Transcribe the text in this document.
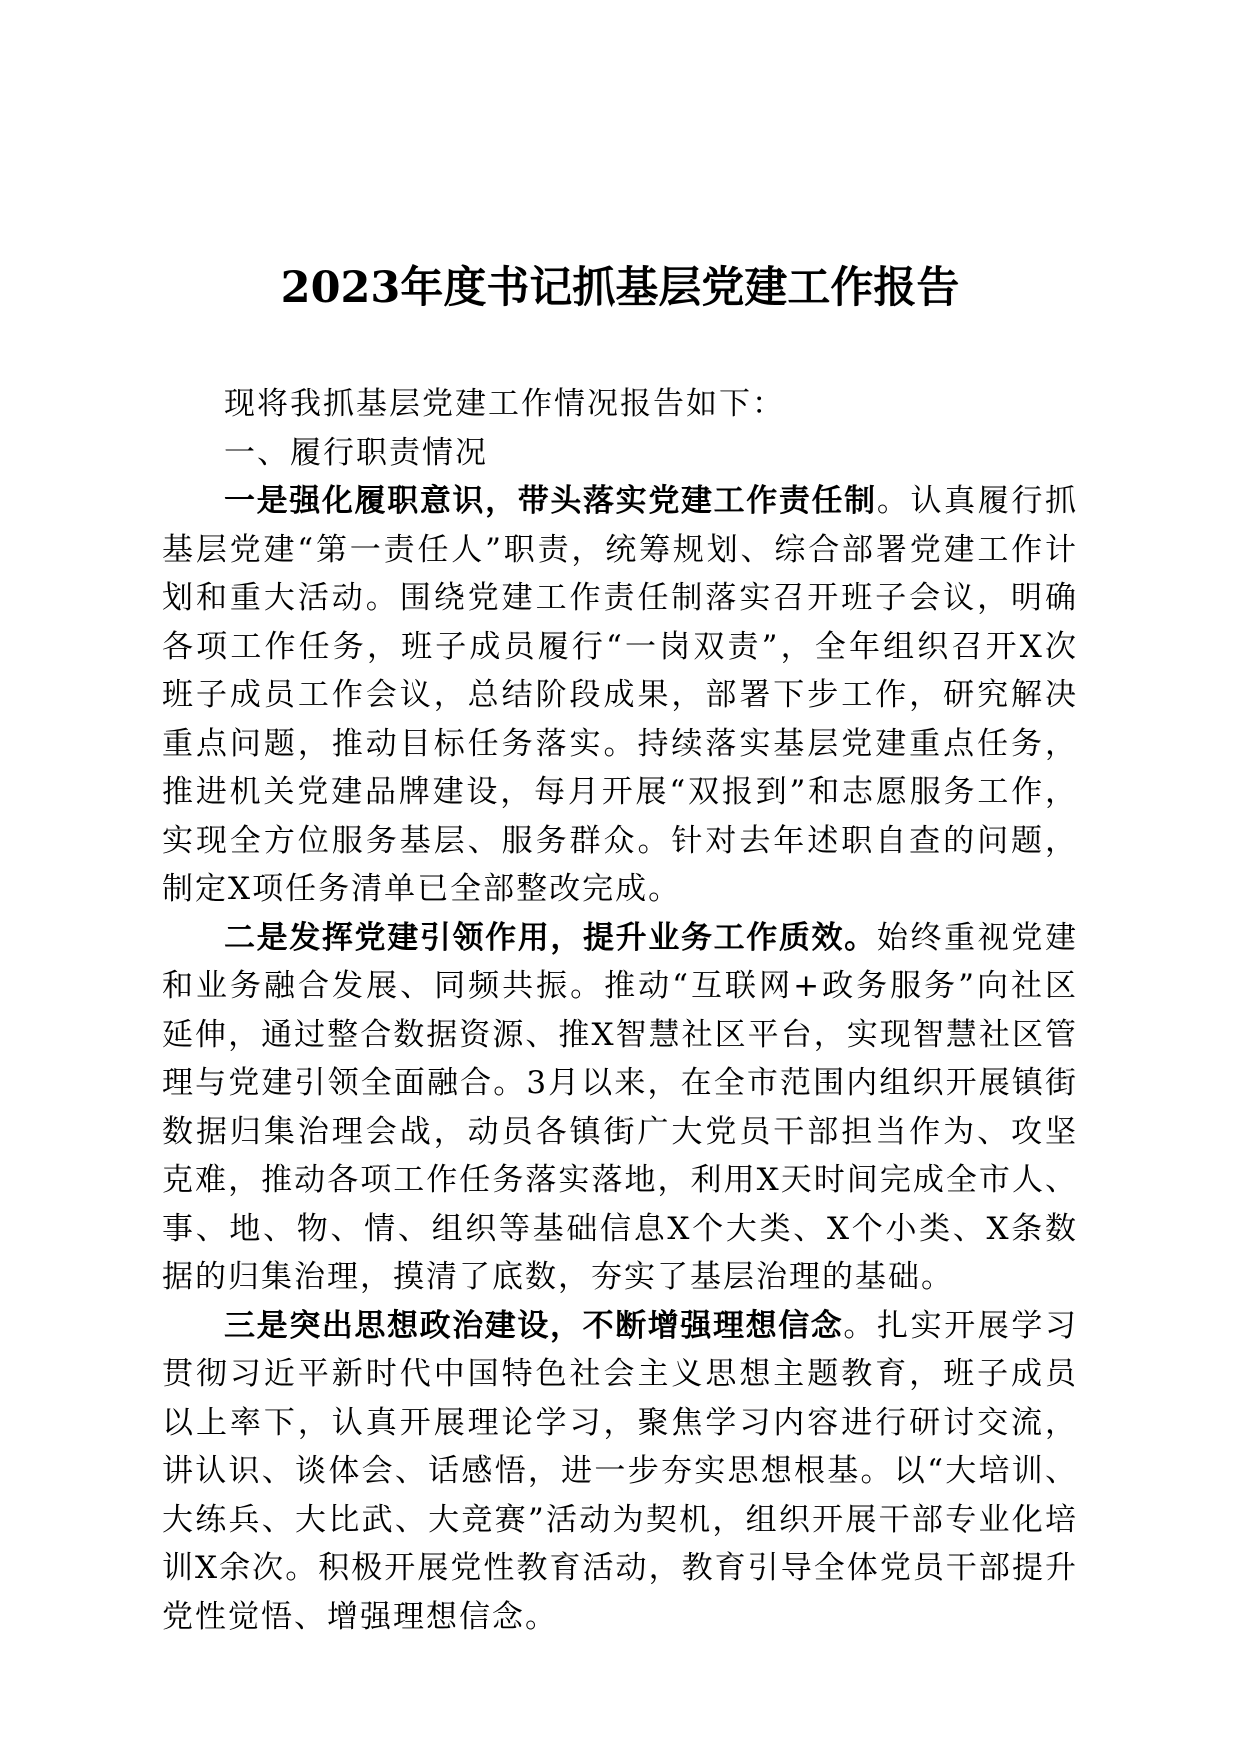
2023年度书记抓基层党建工作报告

现将我抓基层党建工作情况报告如下：

一、履行职责情况

一是强化履职意识，带头落实党建工作责任制。认真履行抓基层党建“第一责任人”职责，统筹规划、综合部署党建工作计划和重大活动。围绕党建工作责任制落实召开班子会议，明确各项工作任务，班子成员履行“一岗双责”，全年组织召开X次班子成员工作会议，总结阶段成果，部署下步工作，研究解决重点问题，推动目标任务落实。持续落实基层党建重点任务，推进机关党建品牌建设，每月开展“双报到”和志愿服务工作，实现全方位服务基层、服务群众。针对去年述职自查的问题，制定X项任务清单已全部整改完成。

二是发挥党建引领作用，提升业务工作质效。始终重视党建和业务融合发展、同频共振。推动“互联网+政务服务”向社区延伸，通过整合数据资源、推X智慧社区平台，实现智慧社区管理与党建引领全面融合。3月以来，在全市范围内组织开展镇街数据归集治理会战，动员各镇街广大党员干部担当作为、攻坚克难，推动各项工作任务落实落地，利用X天时间完成全市人、事、地、物、情、组织等基础信息X个大类、X个小类、X条数据的归集治理，摸清了底数，夯实了基层治理的基础。

三是突出思想政治建设，不断增强理想信念。扎实开展学习贯彻习近平新时代中国特色社会主义思想主题教育，班子成员以上率下，认真开展理论学习，聚焦学习内容进行研讨交流，讲认识、谈体会、话感悟，进一步夯实思想根基。以“大培训、大练兵、大比武、大竞赛”活动为契机，组织开展干部专业化培训X余次。积极开展党性教育活动，教育引导全体党员干部提升党性觉悟、增强理想信念。
